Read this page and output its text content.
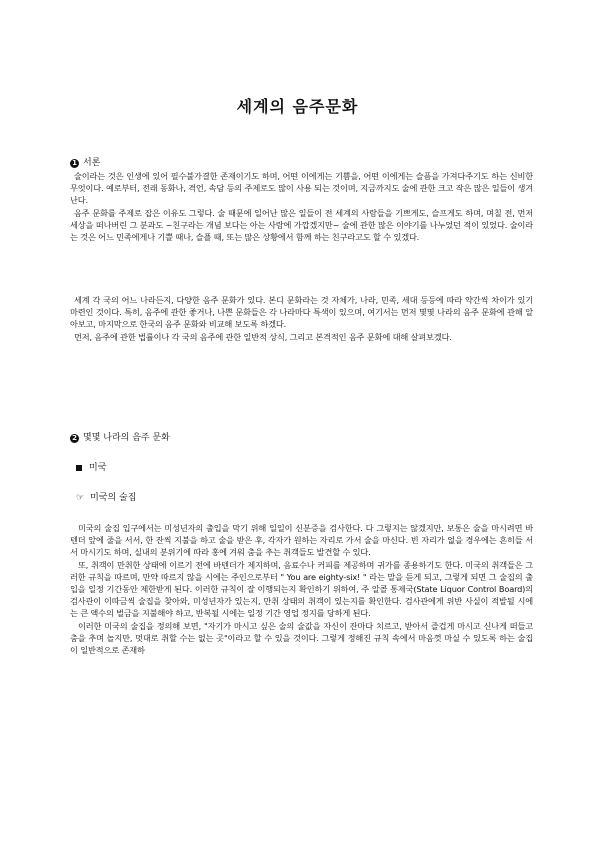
세계의 음주문화
1 서론

술이라는 것은 인생에 있어 필수불가결한 존재이기도 하며, 어떤 이에게는 기쁨을, 어떤 이에게는 슬픔을 가져다주기도 하는 신비한 무엇이다. 예로부터, 전래 동화나, 격언, 속담 등의 주제로도 많이 사용 되는 것이며, 지금까지도 술에 관한 크고 작은 많은 일들이 생겨난다.

음주 문화를 주제로 잡은 이유도 그렇다. 술 때문에 일어난 많은 일들이 전 세계의 사람들을 기쁘게도, 슬프게도 하며, 며칠 전, 먼저 세상을 떠나버린 그 분과도 ~친구라는 개념 보다는 아는 사람에 가깝겠지만~ 술에 관한 많은 이야기를 나누었던 적이 있었다. 술이라는 것은 어느 민족에게나 기쁠 때나, 슬플 때, 또는 많은 상황에서 함께 하는 친구라고도 할 수 있겠다.

세계 각 국의 어느 나라든지, 다양한 음주 문화가 있다. 본디 문화라는 것 자체가, 나라, 민족, 세대 등등에 따라 약간씩 차이가 있기 마련인 것이다. 특히, 음주에 관한 좋거나, 나쁜 문화들은 각 나라마다 특색이 있으며, 여기서는 먼저 몇몇 나라의 음주 문화에 관해 알아보고, 마지막으로 한국의 음주 문화와 비교해 보도록 하겠다.

먼저, 음주에 관한 법률이나 각 국의 음주에 관한 일반적 상식, 그리고 본격적인 음주 문화에 대해 살펴보겠다.

2 몇몇 나라의 음주 문화
미국
☞ 미국의 술집

미국의 술집 입구에서는 미성년자의 출입을 막기 위해 일일이 신분증을 검사한다. 다 그렇지는 않겠지만, 보통은 술을 마시려면 바텐더 앞에 줄을 서서, 한 잔씩 지불을 하고 술을 받은 후, 각자가 원하는 자리로 가서 술을 마신다. 빈 자리가 없을 경우에는 흔히들 서서 마시기도 하며, 실내의 분위기에 따라 홍에 겨워 춤을 추는 취객들도 발견할 수 있다.

또, 취객이 만취한 상태에 이르기 전에 바텐더가 제지하며, 음료수나 커피를 제공하며 귀가를 종용하기도 한다. 미국의 취객들은 그러한 규칙을 따르며, 만약 따르지 않을 시에는 주인으로부터 " You are eighty-six! " 라는 말을 듣게 되고, 그렇게 되면 그 술집의 출입을 일정 기간동안 제한받게 된다. 이러한 규칙이 잘 이행되는지 확인하기 위하여, 주 알콜 통제국(State Liquor Control Board)의 검사관이 이따금씩 술집을 찾아와, 미성년자가 있는지, 만취 상태의 취객이 있는지를 확인한다. 검사관에게 위반 사실이 적발될 시에는 큰 액수의 벌금을 지불해야 하고, 반복될 시에는 일정 기간 영업 정지를 당하게 된다.

이러한 미국의 술집을 정의해 보면, "자기가 마시고 싶은 술의 술값을 자신이 잔마다 치르고, 받아서 즐겁게 마시고 신나게 떠들고 춤을 추며 놀지만, 멋대로 취할 수는 없는 곳"이라고 할 수 있을 것이다. 그렇게 정해진 규칙 속에서 마음껏 마실 수 있도록 하는 술집이 일반적으로 존재하
